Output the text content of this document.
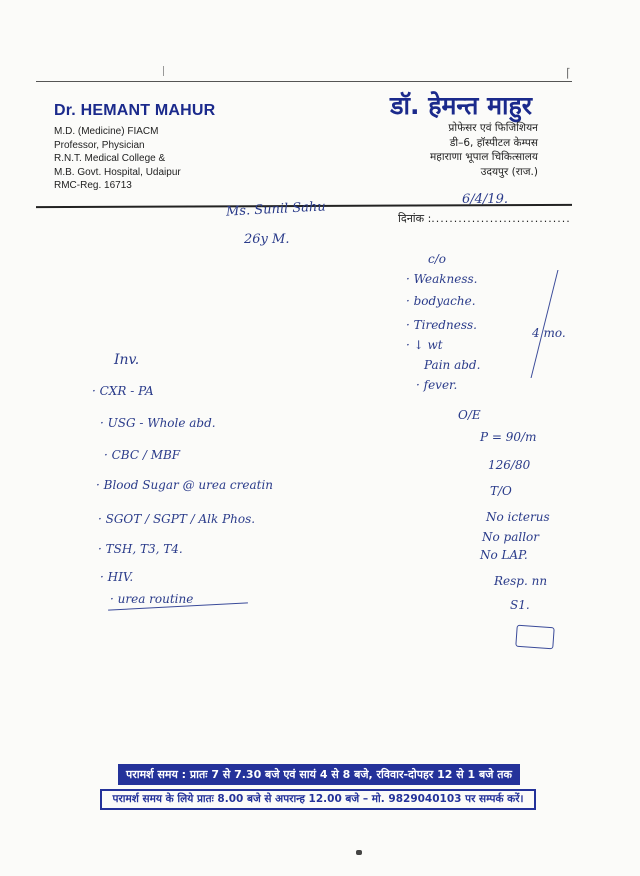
⌈
Dr. HEMANT MAHUR
M.D. (Medicine) FIACM
Professor, Physician
R.N.T. Medical College &
M.B. Govt. Hospital, Udaipur
RMC-Reg. 16713
डॉ. हेमन्त माहुर
प्रोफेसर एवं फिजिशियन
डी–6, हॉस्पीटल केम्पस
महाराणा भूपाल चिकित्सालय
उदयपुर (राज.)
दिनांक :...............................
6/4/19.
Ms. Sunil Sahu
26y M.
c/o
· Weakness.
· bodyache.
· Tiredness.
· ↓ wt
Pain abd.
· fever.
4 mo.
O/E
P = 90/m
126/80
T/O
No icterus
No pallor
No LAP.
Resp. nn
S1.
Inv.
· CXR - PA
· USG - Whole abd.
· CBC / MBF
· Blood Sugar @ urea creatin
· SGOT / SGPT / Alk Phos.
· TSH, T3, T4.
· HIV.
· urea routine
परामर्श समय : प्रातः 7 से 7.30 बजे एवं सायं 4 से 8 बजे, रविवार-दोपहर 12 से 1 बजे तक
परामर्श समय के लिये प्रातः 8.00 बजे से अपरान्ह 12.00 बजे – मो. 9829040103 पर सम्पर्क करें।
